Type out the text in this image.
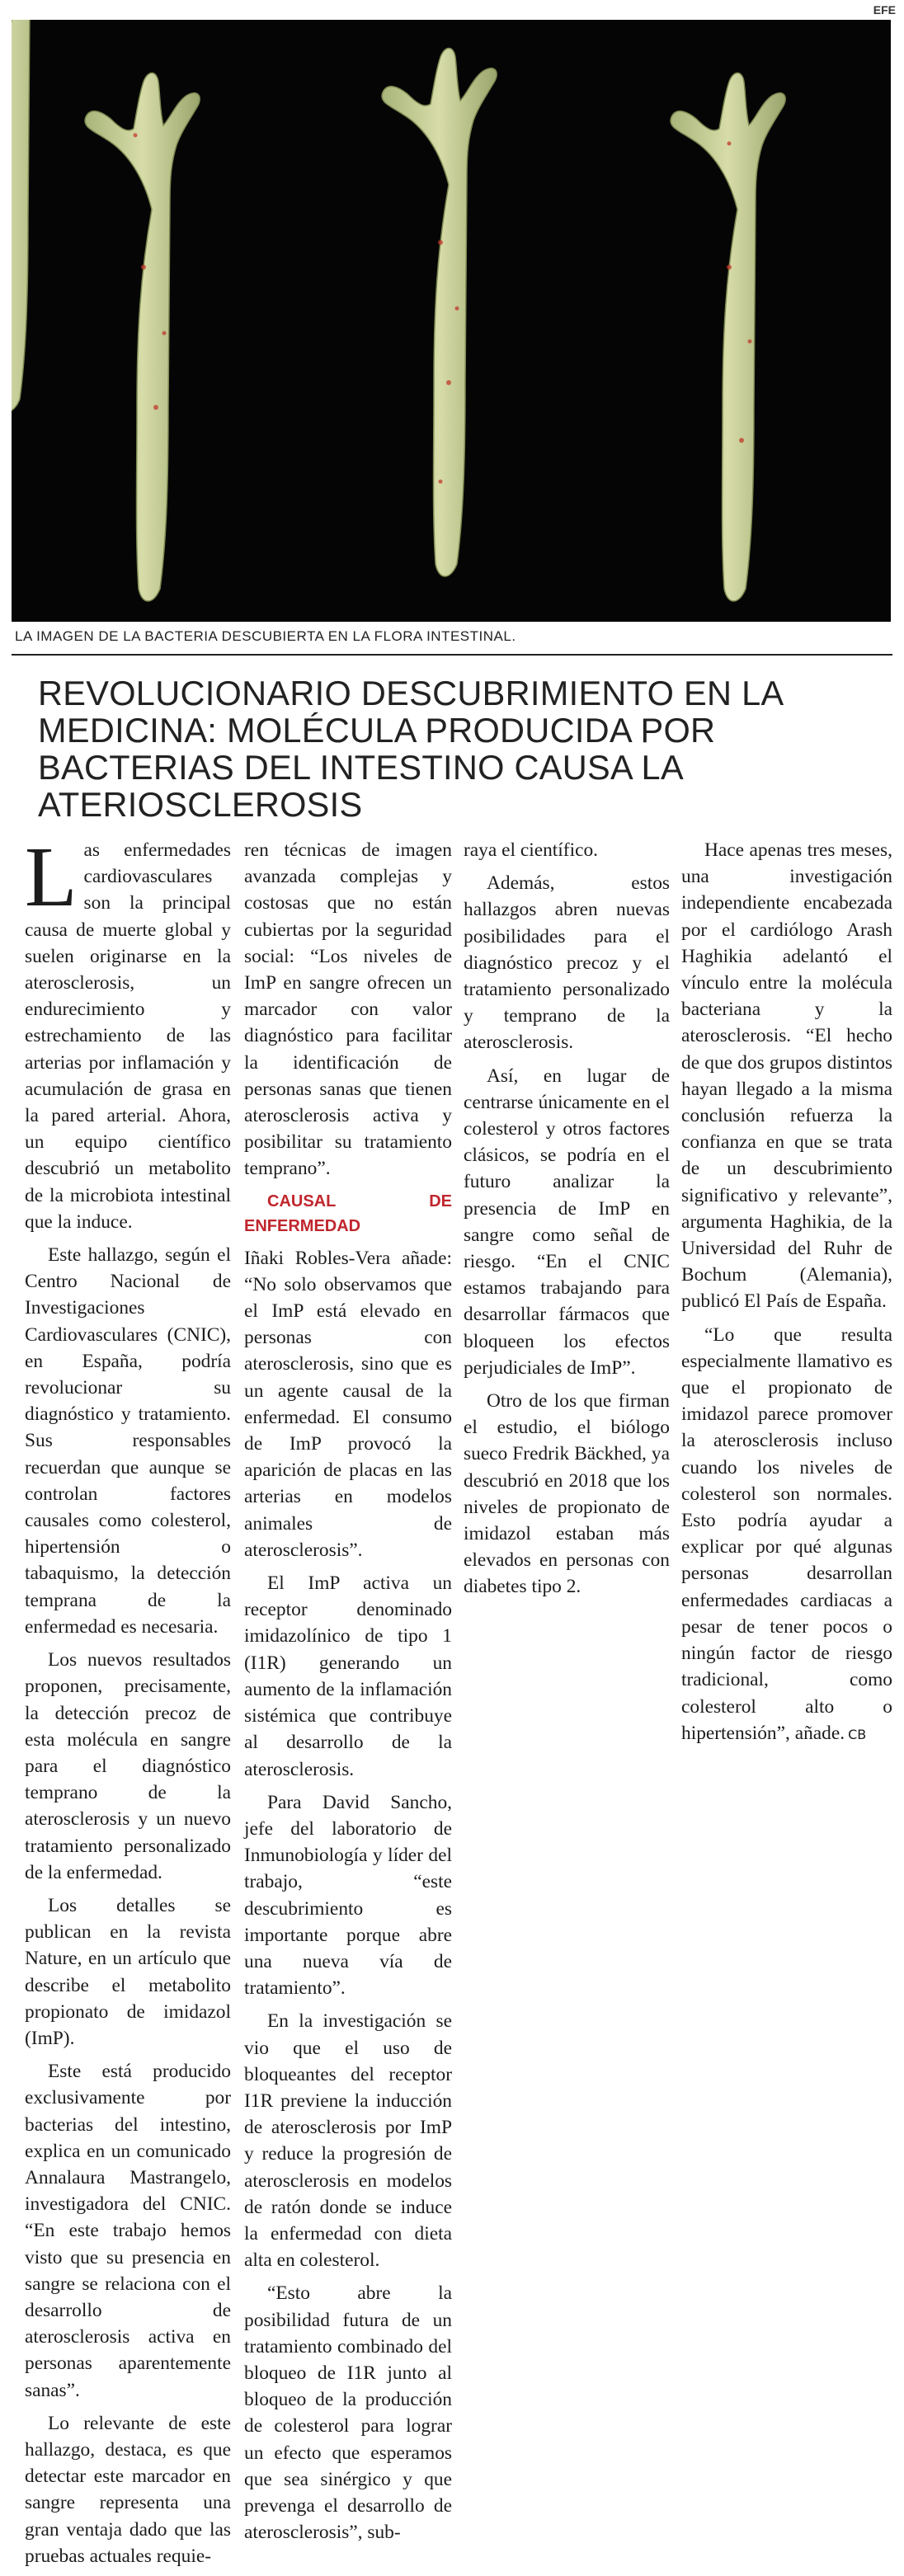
EFE
LA IMAGEN DE LA BACTERIA DESCUBIERTA EN LA FLORA INTESTINAL.
REVOLUCIONARIO DESCUBRIMIENTO EN LA MEDICINA: MOLÉCULA PRODUCIDA POR BACTERIAS DEL INTESTINO CAUSA LA ATERIOSCLEROSIS

Las enfermedades cardiovasculares son la principal causa de muerte global y suelen originarse en la aterosclerosis, un endurecimiento y estrechamiento de las arterias por inflamación y acumulación de grasa en la pared arterial. Ahora, un equipo científico descubrió un metabolito de la microbiota intestinal que la induce.

Este hallazgo, según el Centro Nacional de Investigaciones Cardiovasculares (CNIC), en España, podría revolucionar su diagnóstico y tratamiento. Sus responsables recuerdan que aunque se controlan factores causales como colesterol, hipertensión o tabaquismo, la detección temprana de la enfermedad es necesaria.

Los nuevos resultados proponen, precisamente, la detección precoz de esta molécula en sangre para el diagnóstico temprano de la aterosclerosis y un nuevo tratamiento personalizado de la enfermedad.

Los detalles se publican en la revista Nature, en un artículo que describe el metabolito propionato de imidazol (ImP).

Este está producido exclusivamente por bacterias del intestino, explica en un comunicado Annalaura Mastrangelo, investigadora del CNIC. “En este trabajo hemos visto que su presencia en sangre se relaciona con el desarrollo de aterosclerosis activa en personas aparentemente sanas”.

Lo relevante de este hallazgo, destaca, es que detectar este marcador en sangre representa una gran ventaja dado que las pruebas actuales requie-

ren técnicas de imagen avanzada complejas y costosas que no están cubiertas por la seguridad social: “Los niveles de ImP en sangre ofrecen un marcador con valor diagnóstico para facilitar la identificación de personas sanas que tienen aterosclerosis activa y posibilitar su tratamiento temprano”.

CAUSAL DE ENFERMEDAD

Iñaki Robles-Vera añade: “No solo observamos que el ImP está elevado en personas con aterosclerosis, sino que es un agente causal de la enfermedad. El consumo de ImP provocó la aparición de placas en las arterias en modelos animales de aterosclerosis”.

El ImP activa un receptor denominado imidazolínico de tipo 1 (I1R) generando un aumento de la inflamación sistémica que contribuye al desarrollo de la aterosclerosis.

Para David Sancho, jefe del laboratorio de Inmunobiología y líder del trabajo, “este descubrimiento es importante porque abre una nueva vía de tratamiento”.

En la investigación se vio que el uso de bloqueantes del receptor I1R previene la inducción de aterosclerosis por ImP y reduce la progresión de aterosclerosis en modelos de ratón donde se induce la enfermedad con dieta alta en colesterol.

“Esto abre la posibilidad futura de un tratamiento combinado del bloqueo de I1R junto al bloqueo de la producción de colesterol para lograr un efecto que esperamos que sea sinérgico y que prevenga el desarrollo de aterosclerosis”, sub-

raya el científico.

Además, estos hallazgos abren nuevas posibilidades para el diagnóstico precoz y el tratamiento personalizado y temprano de la aterosclerosis.

Así, en lugar de centrarse únicamente en el colesterol y otros factores clásicos, se podría en el futuro analizar la presencia de ImP en sangre como señal de riesgo. “En el CNIC estamos trabajando para desarrollar fármacos que bloqueen los efectos perjudiciales de ImP”.

Otro de los que firman el estudio, el biólogo sueco Fredrik Bäckhed, ya descubrió en 2018 que los niveles de propionato de imidazol estaban más elevados en personas con diabetes tipo 2.

Hace apenas tres meses, una investigación independiente encabezada por el cardiólogo Arash Haghikia adelantó el vínculo entre la molécula bacteriana y la aterosclerosis. “El hecho de que dos grupos distintos hayan llegado a la misma conclusión refuerza la confianza en que se trata de un descubrimiento significativo y relevante”, argumenta Haghikia, de la Universidad del Ruhr de Bochum (Alemania), publicó El País de España.

“Lo que resulta especialmente llamativo es que el propionato de imidazol parece promover la aterosclerosis incluso cuando los niveles de colesterol son normales. Esto podría ayudar a explicar por qué algunas personas desarrollan enfermedades cardiacas a pesar de tener pocos o ningún factor de riesgo tradicional, como colesterol alto o hipertensión”, añade. CB
